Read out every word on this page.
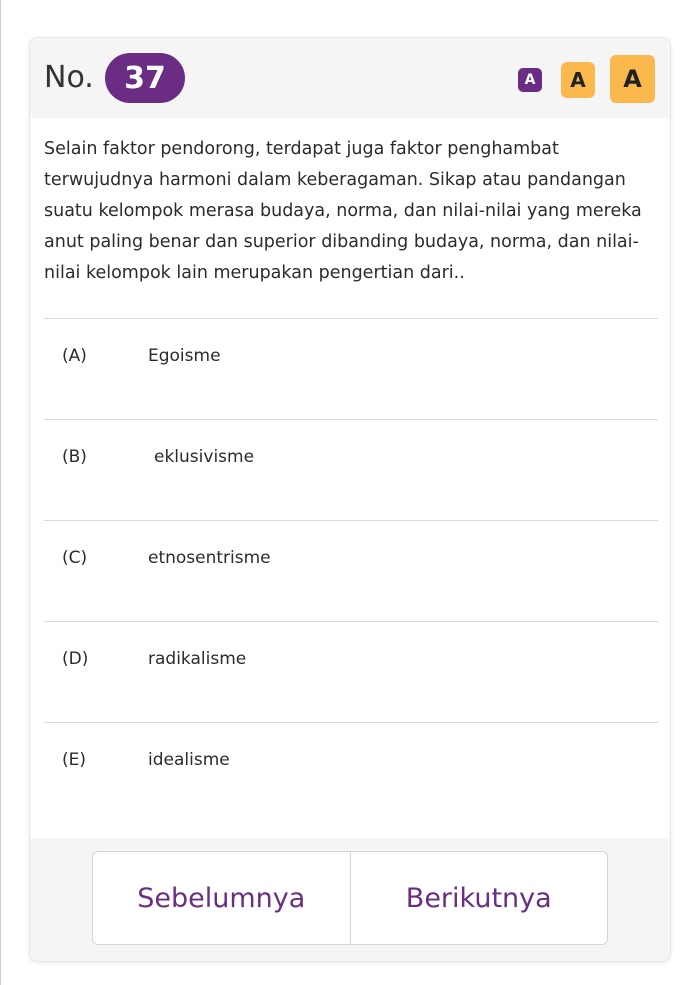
No.	37	A	A	A

Selain faktor pendorong, terdapat juga faktor penghambat terwujudnya harmoni dalam keberagaman. Sikap atau pandangan suatu kelompok merasa budaya, norma, dan nilai-nilai yang mereka anut paling benar dan superior dibanding budaya, norma, dan nilai-nilai kelompok lain merupakan pengertian dari..

(A)	Egoisme
(B)	eklusivisme
(C)	etnosentrisme
(D)	radikalisme
(E)	idealisme
Sebelumnya	Berikutnya
